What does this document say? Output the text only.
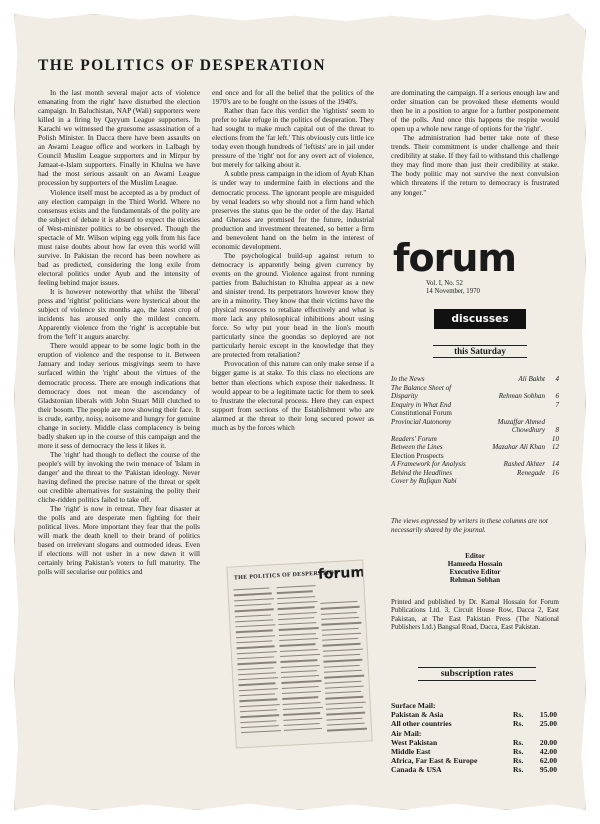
THE POLITICS OF DESPERATION

In the last month several major acts of violence emanating from the right' have disturbed the election campaign. In Baluchistan, NAP (Wali) supporters were killed in a firing by Qayyum League supporters. In Karachi we witnessed the gruesome assassination of a Polish Minister. In Dacca there have been assaults on an Awami League office and workers in Lalbagh by Council Muslim League supporters and in Mirpur by Jamaat-e-Islam supporters. Finally in Khulna we have had the most serious assault on an Awami League procession by supporters of the Muslim League.

Violence itself must be accepted as a by product of any election campaign in the Third World. Where no consensus exists and the fundamentals of the polity are the subject of debate it is absurd to expect the niceties of West-minister politics to be observed. Though the spectacle of Mr. Wilson wiping egg yolk from his face must raise doubts about how far even this world will survive. In Pakistan the record has been nowhere as bad as predicted, considering the long exile from electoral politics under Ayub and the intensity of feeling behind major issues.

It is however noteworthy that whilst the 'liberal' press and 'rightist' politicians were hysterical about the subject of violence six months ago, the latest crop of incidents has aroused only the mildest concern. Apparently violence from the 'right' is acceptable but from the 'left' it augurs anarchy.

There would appear to be some logic both in the eruption of violence and the response to it. Between January and today serious misgivings seem to have surfaced within the 'right' about the virtues of the democratic process. There are enough indications that democracy does not mean the ascendancy of Gladstonian liberals with John Stuart Mill clutched to their bosom. The people are now showing their face. It is crude, earthy, noisy, noisome and hungry for genuine change in society. Middle class complacency is being badly shaken up in the course of this campaign and the more it sess of democracy the less it likes it.

The 'right' had though to deflect the course of the people's will by invoking the twin menace of 'Islam in danger' and the threat to the 'Pakistan ideology. Never having defined the precise nature of the threat or spelt out credible alternatives for sustaining the polity their cliche-ridden politics failed to take off.

The 'right' is now in retreat. They fear disaster at the polls and are desperate men fighting for their political lives. More important they fear that the polls will mark the death knell to their brand of politics based on irrelevant slogans and outmoded ideas. Even if elections will not usher in a new dawn it will certainly bring Pakistan's voters to full maturity. The polls will secularise our politics and

end once and for all the belief that the politics of the 1970's are to be fought on the issues of the 1940's.

Rather than face this verdict the 'rightists' seem to prefer to take refuge in the politics of desperation. They had sought to make much capital out of the threat to elections from the 'far left.' This obviously cuts little ice today even though hundreds of 'leftists' are in jail under pressure of the 'right' not for any overt act of violence, but merely for talking about it.

A subtle press campaign in the idiom of Ayub Khan is under way to undermine faith in elections and the democratic process. The ignorant people are misguided by venal leaders so why should not a firm hand which preserves the status quo be the order of the day. Hartal and Gheraos are promised for the future, industrial production and investment threatened, so better a firm and benevolent hand on the helm in the interest of economic development.

The psychological build-up against return to democracy is apparently being given currency by events on the ground. Violence against front running parties from Baluchistan to Khulna appear as a new and sinister trend. Its perpetrators however know they are in a minority. They know that their victims have the physical resources to retaliate effectively and what is more lack any philosophical inhibitions about using force. So why put your head in the lion's mouth particularly since the goondas so deployed are not particularly heroic except in the knowledge that they are protected from retaliation?

Provocation of this nature can only make sense if a bigger game is at stake. To this class no elections are better than elections which expose their nakedness. It would appear to be a legitimate tactic for them to seek to frustrate the electoral process. Here they can expect support from sections of the Establishment who are alarmed at the threat to their long secured power as much as by the forces which

are dominating the campaign. If a serious enough law and order situation can be provoked these elements would then be in a position to argue for a further postponement of the polls. And once this happens the respite would open up a whole new range of options for the 'right'.

The administration had better take note of these trends. Their commitment is under challenge and their credibility at stake. If they fail to withstand this challenge they may find more than just their credibility at stake. The body politic may not survive the next convulsion which threatens if the return to democracy is frustrated any longer."

forum
Vol. I, No. 52
14 November, 1970
discusses
this Saturday
In the News	Ali Bakht	4
The Balance Sheet of
Disparity	Rehman Sobhan	6
Enquiry in What End	7
Constitutional Forum
Provincial Autonomy	Muzaffar Ahmed
Chowdhury	8
Readers' Forum	10
Between the Lines	Mazahar Ali Khan 12
Election Prospects
A Framework for Analysis	Rashed Akhter 14
Behind the Headlines	Renegade 16
Cover by Rafiqun Nabi
The views expressed by writers in these columns are not necessarily shared by the journal.
Editor
Hameeda Hossain
Executive Editor
Rehman Sobhan
Printed and published by Dr. Kamal Hossain for Forum Publications Ltd. 3, Circuit House Row, Dacca 2, East Pakistan, at The East Pakistan Press (The National Publishers Ltd.) Bangsal Road, Dacca, East Pakistan.
subscription rates
Surface Mail:
Pakistan & Asia	Rs. 15.00
All other countries	Rs. 25.00
Air Mail:
West Pakistan	Rs. 20.00
Middle East	Rs. 42.00
Africa, Far East & Europe	Rs. 62.00
Canada & USA	Rs. 95.00
THE POLITICS OF DESPERATION
forum
